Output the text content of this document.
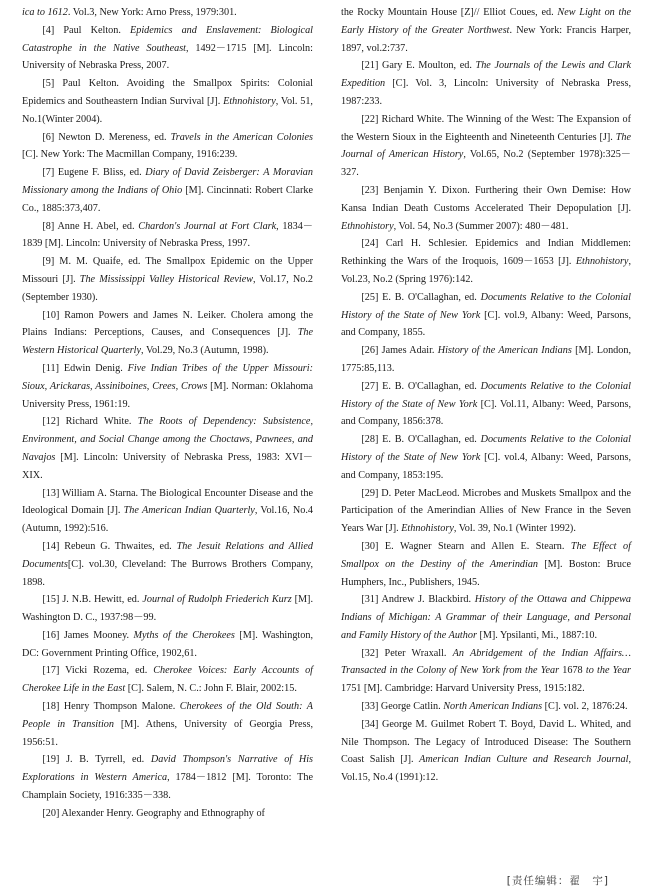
ica to 1612. Vol.3, New York: Arno Press, 1979:301.

[4] Paul Kelton. Epidemics and Enslavement: Biological Catastrophe in the Native Southeast, 1492－1715 [M]. Lincoln: University of Nebraska Press, 2007.

[5] Paul Kelton. Avoiding the Smallpox Spirits: Colonial Epidemics and Southeastern Indian Survival [J]. Ethnohistory, Vol. 51, No.1(Winter 2004).

[6] Newton D. Mereness, ed. Travels in the American Colonies [C]. New York: The Macmillan Company, 1916:239.

[7] Eugene F. Bliss, ed. Diary of David Zeisberger: A Moravian Missionary among the Indians of Ohio [M]. Cincinnati: Robert Clarke Co., 1885:373,407.

[8] Anne H. Abel, ed. Chardon's Journal at Fort Clark, 1834－1839 [M]. Lincoln: University of Nebraska Press, 1997.

[9] M. M. Quaife, ed. The Smallpox Epidemic on the Upper Missouri [J]. The Mississippi Valley Historical Review, Vol.17, No.2 (September 1930).

[10] Ramon Powers and James N. Leiker. Cholera among the Plains Indians: Perceptions, Causes, and Consequences [J]. The Western Historical Quarterly, Vol.29, No.3 (Autumn, 1998).

[11] Edwin Denig. Five Indian Tribes of the Upper Missouri: Sioux, Arickaras, Assiniboines, Crees, Crows [M]. Norman: Oklahoma University Press, 1961:19.

[12] Richard White. The Roots of Dependency: Subsistence, Environment, and Social Change among the Choctaws, Pawnees, and Navajos [M]. Lincoln: University of Nebraska Press, 1983: XVI－XIX.

[13] William A. Starna. The Biological Encounter Disease and the Ideological Domain [J]. The American Indian Quarterly, Vol.16, No.4 (Autumn, 1992):516.

[14] Rebeun G. Thwaites, ed. The Jesuit Relations and Allied Documents[C]. vol.30, Cleveland: The Burrows Brothers Company, 1898.

[15] J. N.B. Hewitt, ed. Journal of Rudolph Friederich Kurz [M]. Washington D. C., 1937:98－99.

[16] James Mooney. Myths of the Cherokees [M]. Washington, DC: Government Printing Office, 1902,61.

[17] Vicki Rozema, ed. Cherokee Voices: Early Accounts of Cherokee Life in the East [C]. Salem, N. C.: John F. Blair, 2002:15.

[18] Henry Thompson Malone. Cherokees of the Old South: A People in Transition [M]. Athens, University of Georgia Press, 1956:51.

[19] J. B. Tyrrell, ed. David Thompson's Narrative of His Explorations in Western America, 1784－1812 [M]. Toronto: The Champlain Society, 1916:335－338.

[20] Alexander Henry. Geography and Ethnography of

the Rocky Mountain House [Z]// Elliot Coues, ed. New Light on the Early History of the Greater Northwest. New York: Francis Harper, 1897, vol.2:737.

[21] Gary E. Moulton, ed. The Journals of the Lewis and Clark Expedition [C]. Vol. 3, Lincoln: University of Nebraska Press, 1987:233.

[22] Richard White. The Winning of the West: The Expansion of the Western Sioux in the Eighteenth and Nineteenth Centuries [J]. The Journal of American History, Vol.65, No.2 (September 1978):325－327.

[23] Benjamin Y. Dixon. Furthering their Own Demise: How Kansa Indian Death Customs Accelerated Their Depopulation [J]. Ethnohistory, Vol. 54, No.3 (Summer 2007): 480－481.

[24] Carl H. Schlesier. Epidemics and Indian Middlemen: Rethinking the Wars of the Iroquois, 1609－1653 [J]. Ethnohistory, Vol.23, No.2 (Spring 1976):142.

[25] E. B. O'Callaghan, ed. Documents Relative to the Colonial History of the State of New York [C]. vol.9, Albany: Weed, Parsons, and Company, 1855.

[26] James Adair. History of the American Indians [M]. London, 1775:85,113.

[27] E. B. O'Callaghan, ed. Documents Relative to the Colonial History of the State of New York [C]. Vol.11, Albany: Weed, Parsons, and Company, 1856:378.

[28] E. B. O'Callaghan, ed. Documents Relative to the Colonial History of the State of New York [C]. vol.4, Albany: Weed, Parsons, and Company, 1853:195.

[29] D. Peter MacLeod. Microbes and Muskets Smallpox and the Participation of the Amerindian Allies of New France in the Seven Years War [J]. Ethnohistory, Vol. 39, No.1 (Winter 1992).

[30] E. Wagner Stearn and Allen E. Stearn. The Effect of Smallpox on the Destiny of the Amerindian [M]. Boston: Bruce Humphers, Inc., Publishers, 1945.

[31] Andrew J. Blackbird. History of the Ottawa and Chippewa Indians of Michigan: A Grammar of their Language, and Personal and Family History of the Author [M]. Ypsilanti, Mi., 1887:10.

[32] Peter Wraxall. An Abridgement of the Indian Affairs…Transacted in the Colony of New York from the Year 1678 to the Year 1751 [M]. Cambridge: Harvard University Press, 1915:182.

[33] George Catlin. North American Indians [C]. vol. 2, 1876:24.

[34] George M. Guilmet Robert T. Boyd, David L. Whited, and Nile Thompson. The Legacy of Introduced Disease: The Southern Coast Salish [J]. American Indian Culture and Research Journal, Vol.15, No.4 (1991):12.

[责任编辑：翟　宇]
